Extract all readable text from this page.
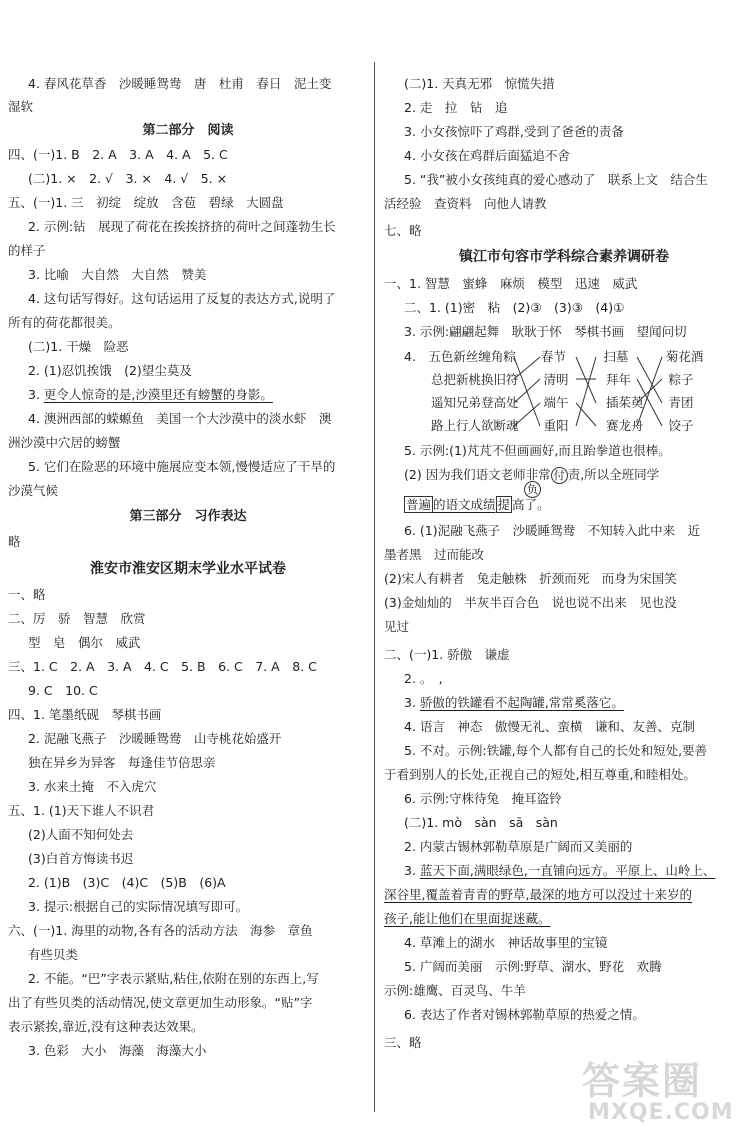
4. 春风花草香　沙暖睡鸳鸯　唐　杜甫　春日　泥土变
湿软
第二部分　阅读
四、(一)1. B　2. A　3. A　4. A　5. C
(二)1. ×　2. √　3. ×　4. √　5. ×
五、(一)1. 三　初绽　绽放　含苞　碧绿　大圆盘
2. 示例:钻　展现了荷花在挨挨挤挤的荷叶之间蓬勃生长
的样子
3. 比喻　大自然　大自然　赞美
4. 这句话写得好。这句话运用了反复的表达方式,说明了
所有的荷花都很美。
(二)1. 干燥　险恶
2. (1)忍饥挨饿　(2)望尘莫及
3. 更令人惊奇的是,沙漠里还有螃蟹的身影。
4. 澳洲西部的蝾螈鱼　美国一个大沙漠中的淡水虾　澳
洲沙漠中穴居的螃蟹
5. 它们在险恶的环境中施展应变本领,慢慢适应了干旱的
沙漠气候
第三部分　习作表达
略
淮安市淮安区期末学业水平试卷
一、略
二、厉　骄　智慧　欣赏
型　皂　偶尔　威武
三、1. C　2. A　3. A　4. C　5. B　6. C　7. A　8. C
9. C　10. C
四、1. 笔墨纸砚　琴棋书画
2. 泥融飞燕子　沙暖睡鸳鸯　山寺桃花始盛开
独在异乡为异客　每逢佳节倍思亲
3. 水来土掩　不入虎穴
五、1. (1)天下谁人不识君
(2)人面不知何处去
(3)白首方悔读书迟
2. (1)B　(3)C　(4)C　(5)B　(6)A
3. 提示:根据自己的实际情况填写即可。
六、(一)1. 海里的动物,各有各的活动方法　海参　章鱼
有些贝类
2. 不能。“巴”字表示紧贴,粘住,依附在别的东西上,写
出了有些贝类的活动情况,使文章更加生动形象。“贴”字
表示紧挨,靠近,没有这种表达效果。
3. 色彩　大小　海藻　海藻大小
(二)1. 天真无邪　惊慌失措
2. 走　拉　钻　追
3. 小女孩惊吓了鸡群,受到了爸爸的责备
4. 小女孩在鸡群后面猛追不舍
5. “我”被小女孩纯真的爱心感动了　联系上文　结合生
活经验　查资料　向他人请教
七、略
镇江市句容市学科综合素养调研卷
一、1. 智慧　蜜蜂　麻烦　模型　迅速　威武
二、1. (1)密　粘　(2)③　(3)③　(4)①
3. 示例:翩翩起舞　耿耿于怀　琴棋书画　望闻问切
4.　五色新丝缠角粽　　春节　　　扫墓　　　菊花酒
总把新桃换旧符　　清明　　　拜年　　　粽子
遥知兄弟登高处　　端午　　　插茱萸　　青团
路上行人欲断魂　　重阳　　　赛龙舟　　饺子
5. 示例:(1)芃芃不但画画好,而且跆拳道也很棒。
(2) 因为我们语文老师非常 付 责,所以全班同学
负
普遍 的语文成绩 提 高了。
6. (1)泥融飞燕子　沙暖睡鸳鸯　不知转入此中来　近
墨者黑　过而能改
(2)宋人有耕者　兔走触株　折颈而死　而身为宋国笑
(3)金灿灿的　半灰半百合色　说也说不出来　见也没
见过
二、(一)1. 骄傲　谦虚
2. 。　,
3. 骄傲的铁罐看不起陶罐,常常奚落它。
4. 语言　神态　傲慢无礼、蛮横　谦和、友善、克制
5. 不对。示例:铁罐,每个人都有自己的长处和短处,要善
于看到别人的长处,正视自己的短处,相互尊重,和睦相处。
6. 示例:守株待兔　掩耳盗铃
(二)1. mò　sàn　sā　sàn
2. 内蒙古锡林郭勒草原是广阔而又美丽的
3. 蓝天下面,满眼绿色,一直铺向远方。平原上、山岭上、
深谷里,覆盖着青青的野草,最深的地方可以没过十来岁的
孩子,能让他们在里面捉迷藏。
4. 草滩上的湖水　神话故事里的宝镜
5. 广阔而美丽　示例:野草、湖水、野花　欢腾
示例:雄鹰、百灵鸟、牛羊
6. 表达了作者对锡林郭勒草原的热爱之情。
三、略
答案圈
MXQE.COM
